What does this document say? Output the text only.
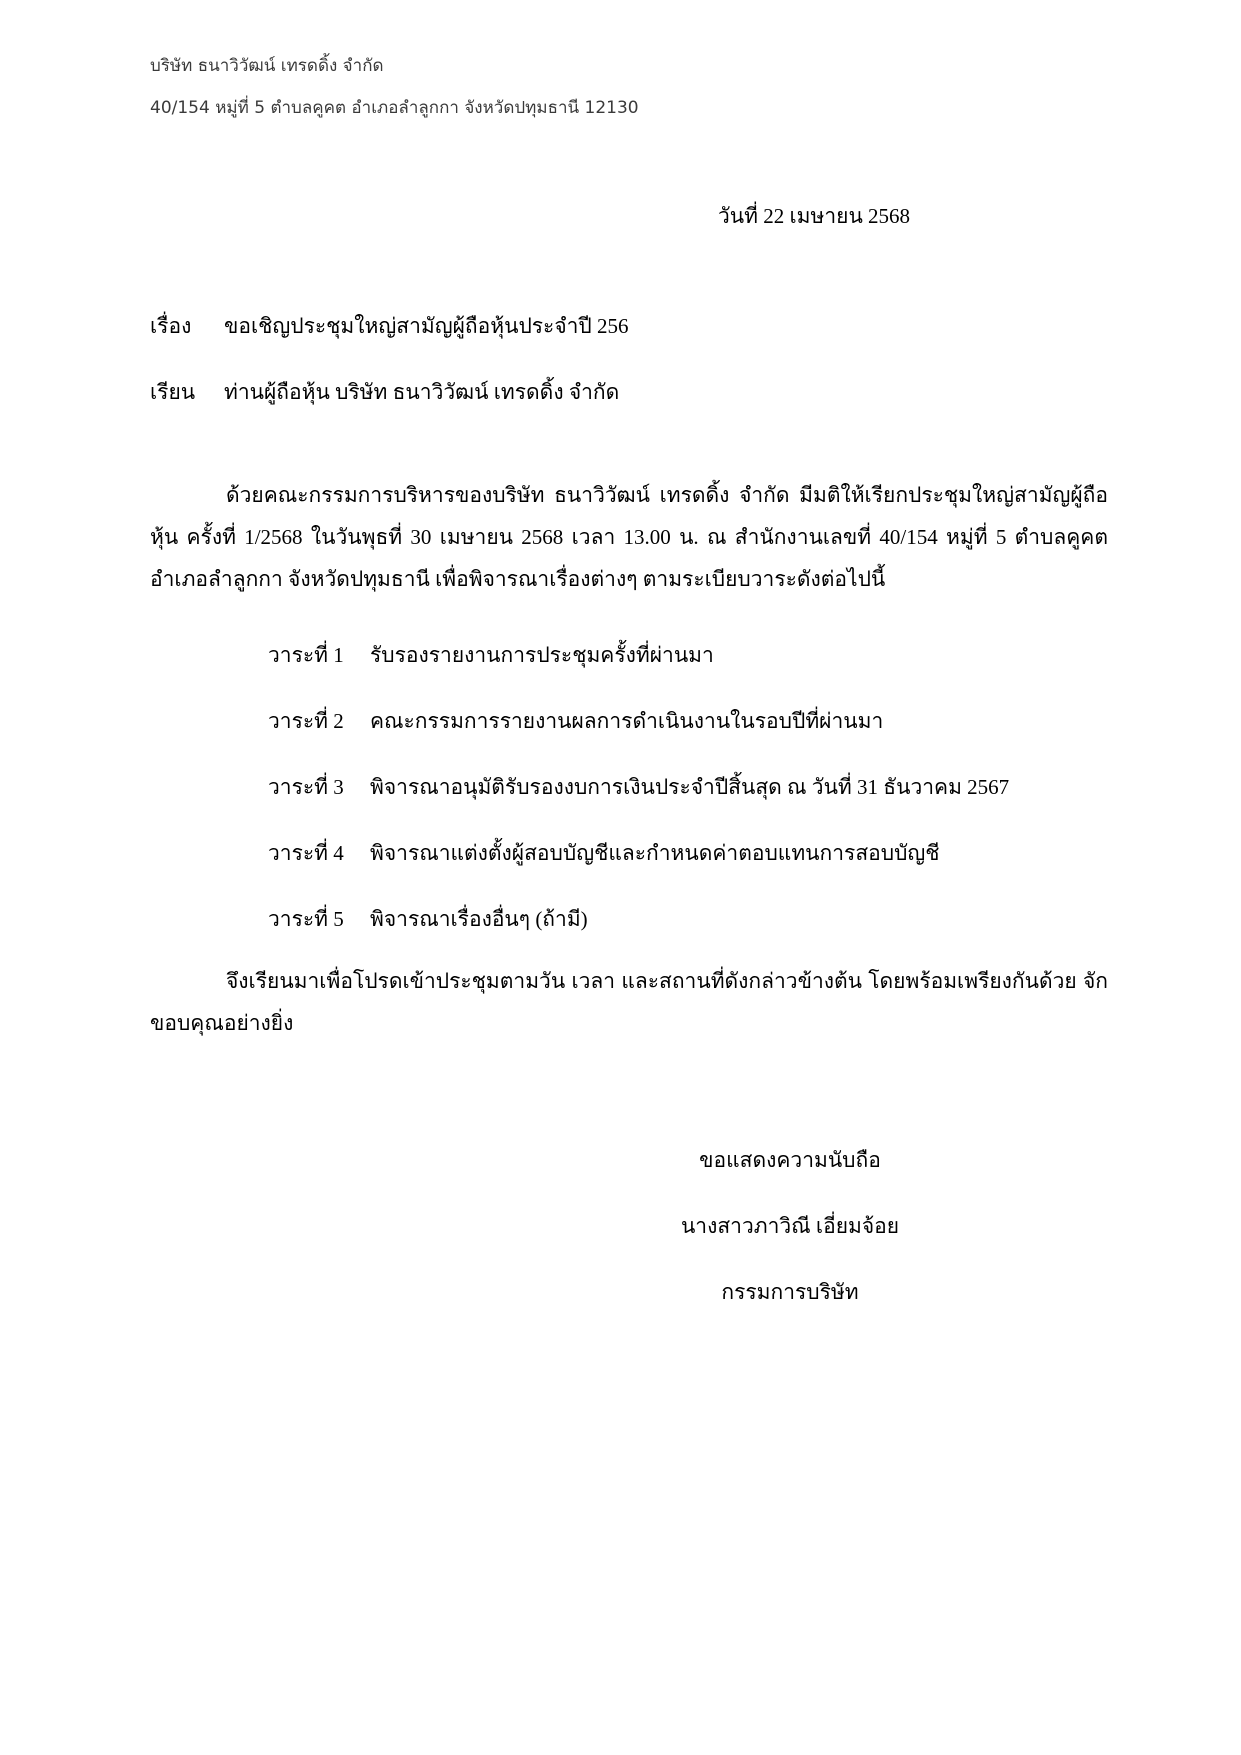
บริษัท ธนาวิวัฒน์ เทรดดิ้ง จำกัด
40/154 หมู่ที่ 5 ตำบลคูคต อำเภอลำลูกกา จังหวัดปทุมธานี 12130
วันที่ 22 เมษายน 2568
เรื่อง ขอเชิญประชุมใหญ่สามัญผู้ถือหุ้นประจำปี 256
เรียน ท่านผู้ถือหุ้น บริษัท ธนาวิวัฒน์ เทรดดิ้ง จำกัด
ด้วยคณะกรรมการบริหารของบริษัท ธนาวิวัฒน์ เทรดดิ้ง จำกัด มีมติให้เรียกประชุมใหญ่สามัญผู้ถือหุ้น ครั้งที่ 1/2568 ในวันพุธที่ 30 เมษายน 2568 เวลา 13.00 น. ณ สำนักงานเลขที่ 40/154 หมู่ที่ 5 ตำบลคูคต อำเภอลำลูกกา จังหวัดปทุมธานี เพื่อพิจารณาเรื่องต่างๆ ตามระเบียบวาระดังต่อไปนี้
วาระที่ 1 รับรองรายงานการประชุมครั้งที่ผ่านมา
วาระที่ 2 คณะกรรมการรายงานผลการดำเนินงานในรอบปีที่ผ่านมา
วาระที่ 3 พิจารณาอนุมัติรับรองงบการเงินประจำปีสิ้นสุด ณ วันที่ 31 ธันวาคม 2567
วาระที่ 4 พิจารณาแต่งตั้งผู้สอบบัญชีและกำหนดค่าตอบแทนการสอบบัญชี
วาระที่ 5 พิจารณาเรื่องอื่นๆ (ถ้ามี)
จึงเรียนมาเพื่อโปรดเข้าประชุมตามวัน เวลา และสถานที่ดังกล่าวข้างต้น โดยพร้อมเพรียงกันด้วย จักขอบคุณอย่างยิ่ง
ขอแสดงความนับถือ
นางสาวภาวิณี เอี่ยมจ้อย
กรรมการบริษัท
